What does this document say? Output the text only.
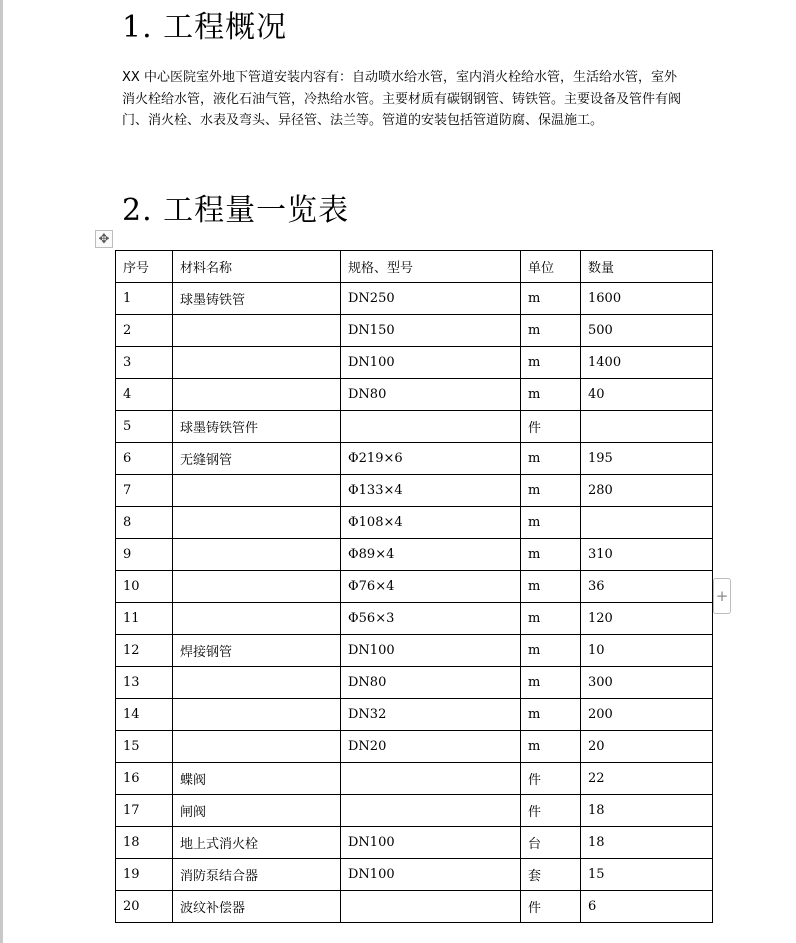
1. 工程概况

XX 中心医院室外地下管道安装内容有：自动喷水给水管，室内消火栓给水管，生活给水管，室外消火栓给水管，液化石油气管，冷热给水管。主要材质有碳钢钢管、铸铁管。主要设备及管件有阀门、消火栓、水表及弯头、异径管、法兰等。管道的安装包括管道防腐、保温施工。

2. 工程量一览表
✥
+
序号	材料名称	规格、型号	单位	数量
1	球墨铸铁管	DN250	m	1600
2		DN150	m	500
3		DN100	m	1400
4		DN80	m	40
5	球墨铸铁管件		件	
6	无缝钢管	Φ219×6	m	195
7		Φ133×4	m	280
8		Φ108×4	m	
9		Φ89×4	m	310
10		Φ76×4	m	36
11		Φ56×3	m	120
12	焊接钢管	DN100	m	10
13		DN80	m	300
14		DN32	m	200
15		DN20	m	20
16	蝶阀		件	22
17	闸阀		件	18
18	地上式消火栓	DN100	台	18
19	消防泵结合器	DN100	套	15
20	波纹补偿器		件	6
